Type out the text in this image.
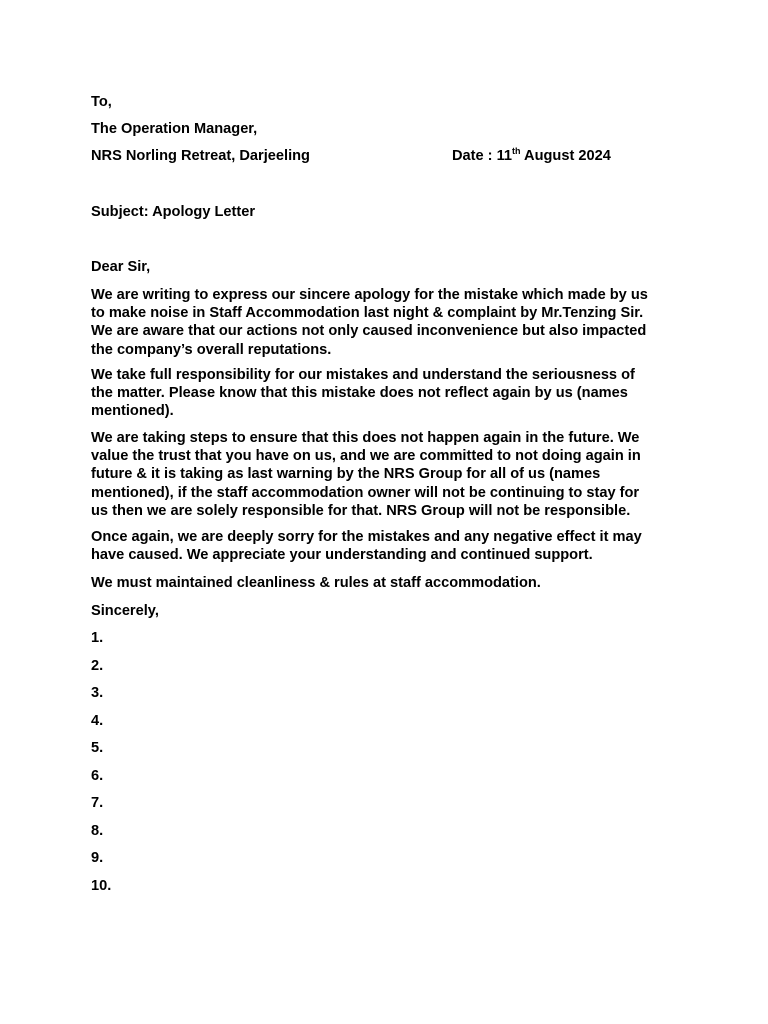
To,
The Operation Manager,
NRS Norling Retreat, Darjeeling	Date : 11th August 2024
Subject: Apology Letter
Dear Sir,
We are writing to express our sincere apology for the mistake which made by us
to make noise in Staff Accommodation last night & complaint by Mr.Tenzing Sir.
We are aware that our actions not only caused inconvenience but also impacted
the company’s overall reputations.
We take full responsibility for our mistakes and understand the seriousness of
the matter. Please know that this mistake does not reflect again by us (names
mentioned).
We are taking steps to ensure that this does not happen again in the future. We
value the trust that you have on us, and we are committed to not doing again in
future & it is taking as last warning by the NRS Group for all of us (names
mentioned), if the staff accommodation owner will not be continuing to stay for
us then we are solely responsible for that. NRS Group will not be responsible.
Once again, we are deeply sorry for the mistakes and any negative effect it may
have caused. We appreciate your understanding and continued support.
We must maintained cleanliness & rules at staff accommodation.
Sincerely,
1.
2.
3.
4.
5.
6.
7.
8.
9.
10.
